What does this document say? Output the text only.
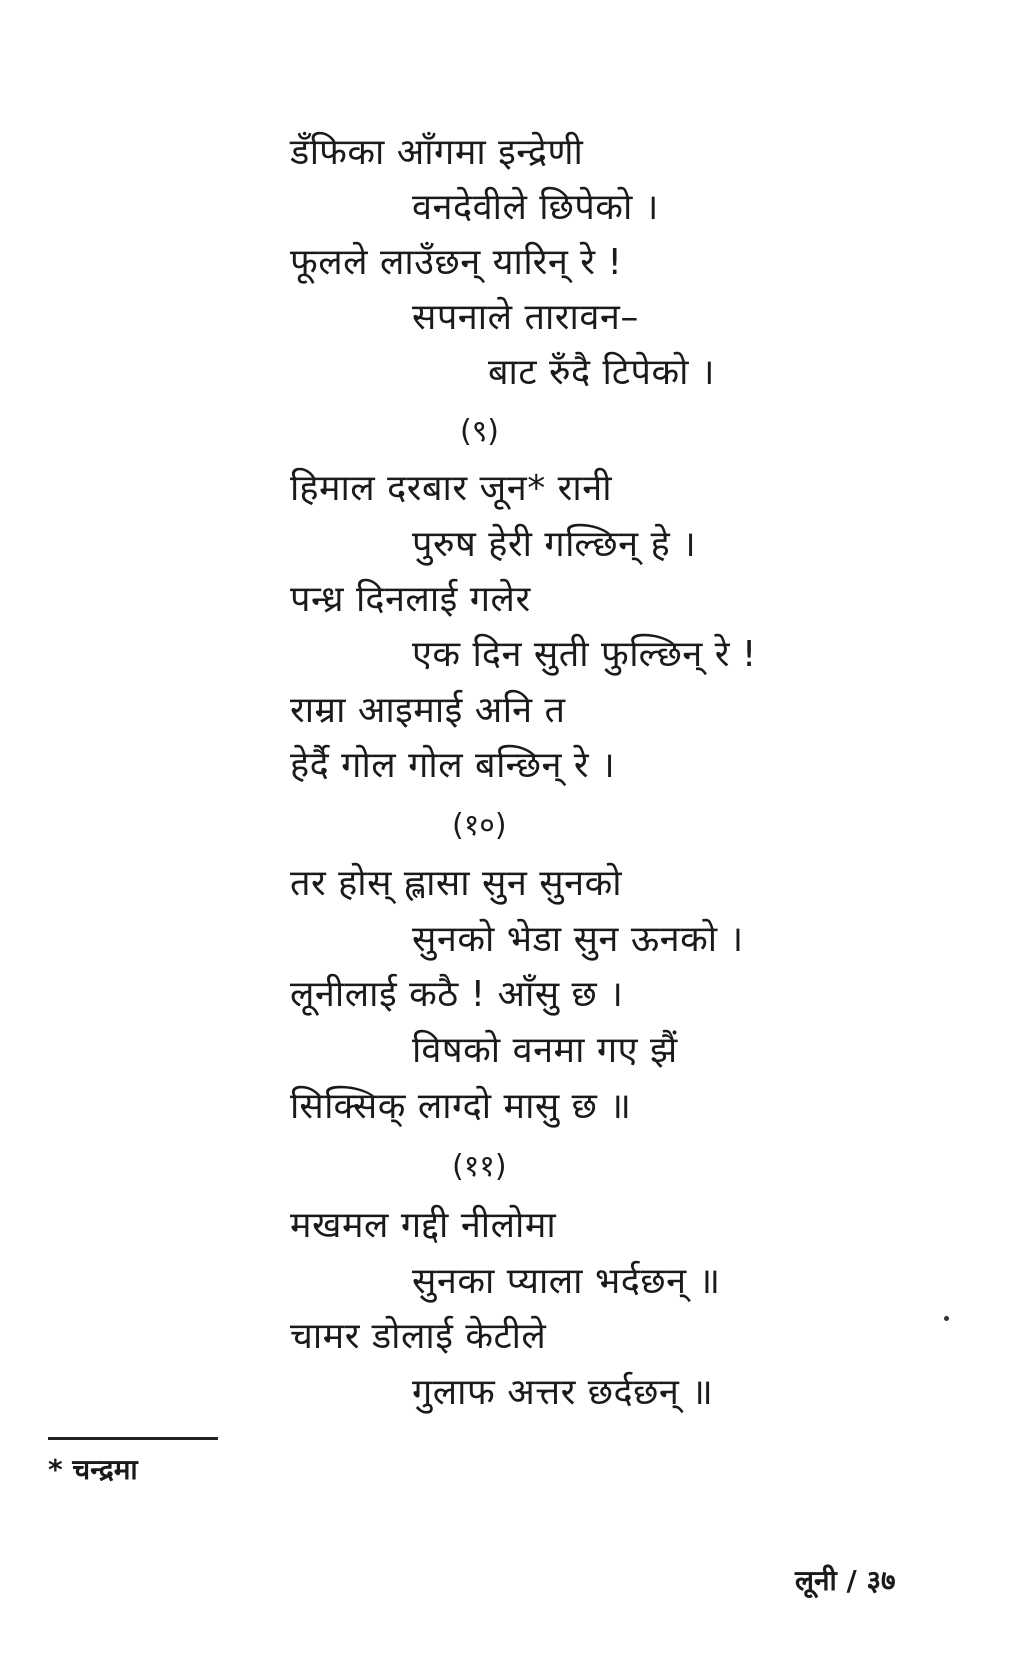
डँफिका आँगमा इन्द्रेणी
वनदेवीले छिपेको ।
फूलले लाउँछन् यारिन् रे !
सपनाले तारावन–
बाट रुँदै टिपेको ।
(९)
हिमाल दरबार जून* रानी
पुरुष हेरी गल्छिन् हे ।
पन्ध्र दिनलाई गलेर
एक दिन सुती फुल्छिन् रे !
राम्रा आइमाई अनि त
हेर्दै गोल गोल बन्छिन् रे ।
(१०)
तर होस् ह्लासा सुन सुनको
सुनको भेडा सुन ऊनको ।
लूनीलाई कठै ! आँसु छ ।
विषको वनमा गए झैं
सिक्सिक् लाग्दो मासु छ ॥
(११)
मखमल गद्दी नीलोमा
सुनका प्याला भर्दछन् ॥
चामर डोलाई केटीले
गुलाफ अत्तर छर्दछन् ॥
* चन्द्रमा
लूनी / ३७
